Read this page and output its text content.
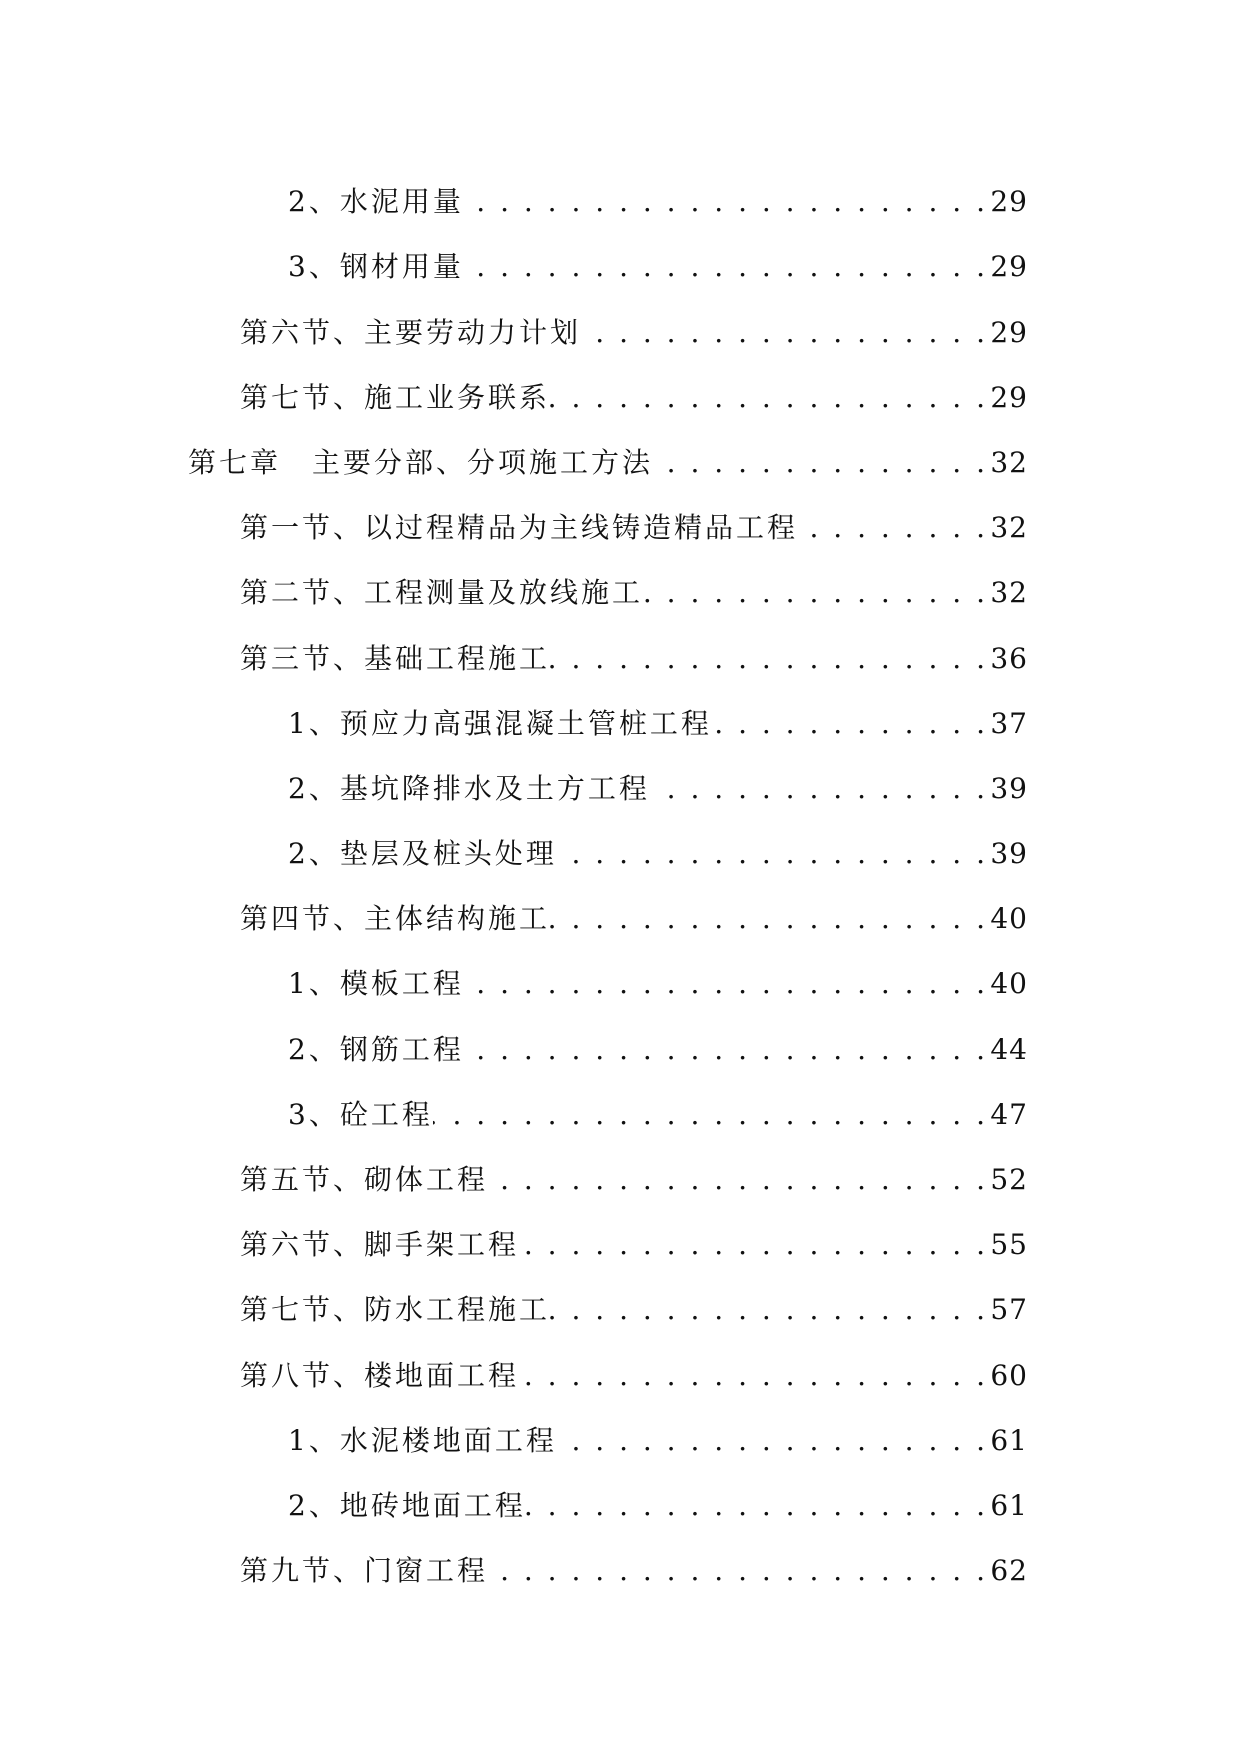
2、水泥用量 . . .	29
3、钢材用量 . . .	29
第六节、主要劳动力计划 . . .	29
第七节、施工业务联系 . . .	29
第七章　主要分部、分项施工方法 . . .	32
第一节、以过程精品为主线铸造精品工程 . . .	32
第二节、工程测量及放线施工 . . .	32
第三节、基础工程施工 . . .	36
1、预应力高强混凝土管桩工程 . . .	37
2、基坑降排水及土方工程 . . .	39
2、垫层及桩头处理 . . .	39
第四节、主体结构施工 . . .	40
1、模板工程 . . .	40
2、钢筋工程 . . .	44
3、砼工程 . . .	47
第五节、砌体工程 . . .	52
第六节、脚手架工程 . . .	55
第七节、防水工程施工 . . .	57
第八节、楼地面工程 . . .	60
1、水泥楼地面工程 . . .	61
2、地砖地面工程 . . .	61
第九节、门窗工程 . . .	62
